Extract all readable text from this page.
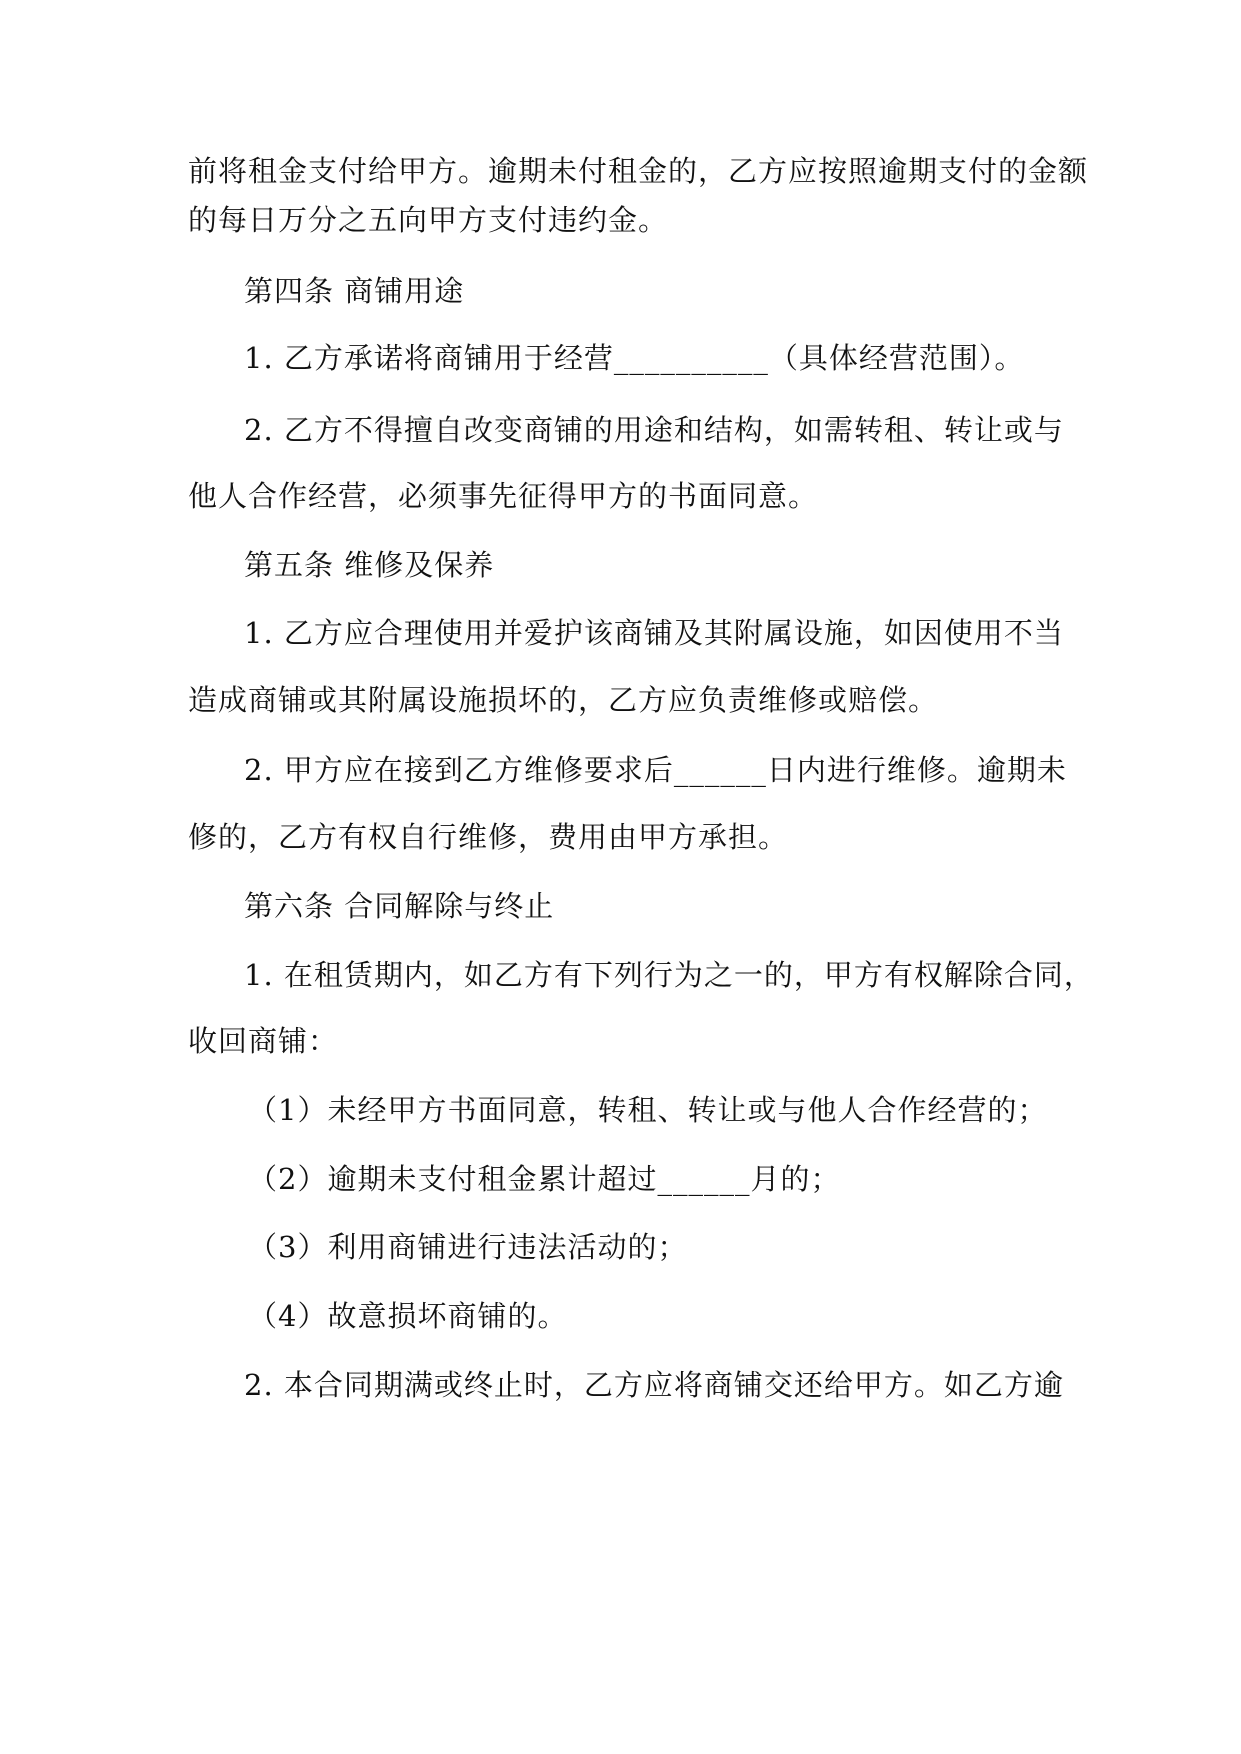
前将租金支付给甲方。逾期未付租金的，乙方应按照逾期支付的金额
的每日万分之五向甲方支付违约金。
第四条 商铺用途
1. 乙方承诺将商铺用于经营__________（具体经营范围）。
2. 乙方不得擅自改变商铺的用途和结构，如需转租、转让或与
他人合作经营，必须事先征得甲方的书面同意。
第五条 维修及保养
1. 乙方应合理使用并爱护该商铺及其附属设施，如因使用不当
造成商铺或其附属设施损坏的，乙方应负责维修或赔偿。
2. 甲方应在接到乙方维修要求后______日内进行维修。逾期未
修的，乙方有权自行维修，费用由甲方承担。
第六条 合同解除与终止
1. 在租赁期内，如乙方有下列行为之一的，甲方有权解除合同，
收回商铺：
（1）未经甲方书面同意，转租、转让或与他人合作经营的；
（2）逾期未支付租金累计超过______月的；
（3）利用商铺进行违法活动的；
（4）故意损坏商铺的。
2. 本合同期满或终止时，乙方应将商铺交还给甲方。如乙方逾
